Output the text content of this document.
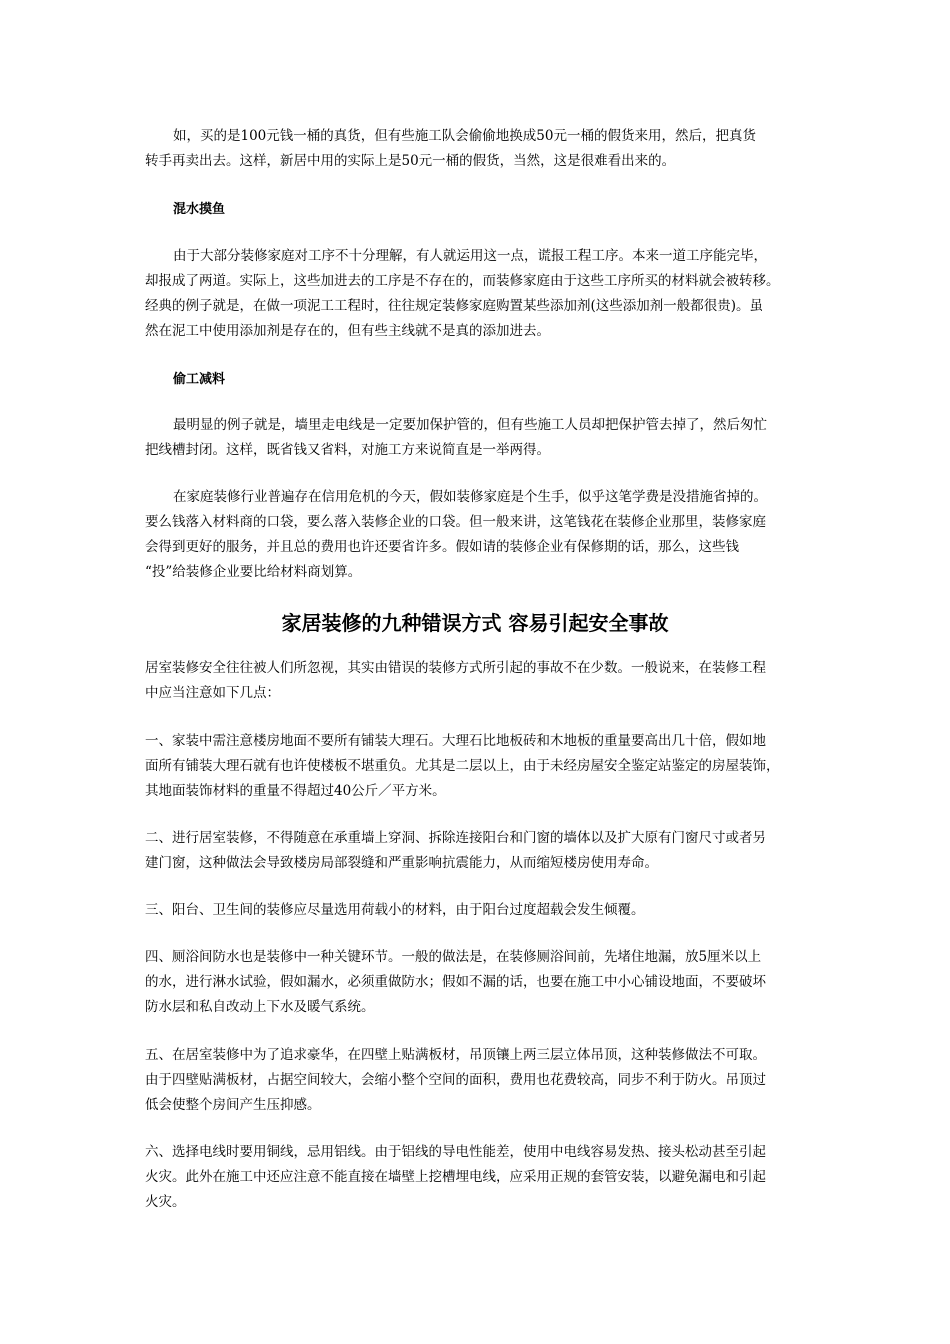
如，买的是100元钱一桶的真货，但有些施工队会偷偷地换成50元一桶的假货来用，然后，把真货

转手再卖出去。这样，新居中用的实际上是50元一桶的假货，当然，这是很难看出来的。

混水摸鱼

由于大部分装修家庭对工序不十分理解，有人就运用这一点，谎报工程工序。本来一道工序能完毕，

却报成了两道。实际上，这些加进去的工序是不存在的，而装修家庭由于这些工序所买的材料就会被转移。

经典的例子就是，在做一项泥工工程时，往往规定装修家庭购置某些添加剂(这些添加剂一般都很贵)。虽

然在泥工中使用添加剂是存在的，但有些主线就不是真的添加进去。

偷工减料

最明显的例子就是，墙里走电线是一定要加保护管的，但有些施工人员却把保护管去掉了，然后匆忙

把线槽封闭。这样，既省钱又省料，对施工方来说简直是一举两得。

在家庭装修行业普遍存在信用危机的今天，假如装修家庭是个生手，似乎这笔学费是没措施省掉的。

要么钱落入材料商的口袋，要么落入装修企业的口袋。但一般来讲，这笔钱花在装修企业那里，装修家庭

会得到更好的服务，并且总的费用也许还要省许多。假如请的装修企业有保修期的话，那么，这些钱

“投”给装修企业要比给材料商划算。

家居装修的九种错误方式 容易引起安全事故

居室装修安全往往被人们所忽视，其实由错误的装修方式所引起的事故不在少数。一般说来，在装修工程

中应当注意如下几点：

一、家装中需注意楼房地面不要所有铺装大理石。大理石比地板砖和木地板的重量要高出几十倍，假如地

面所有铺装大理石就有也许使楼板不堪重负。尤其是二层以上，由于未经房屋安全鉴定站鉴定的房屋装饰，

其地面装饰材料的重量不得超过40公斤／平方米。

二、进行居室装修，不得随意在承重墙上穿洞、拆除连接阳台和门窗的墙体以及扩大原有门窗尺寸或者另

建门窗，这种做法会导致楼房局部裂缝和严重影响抗震能力，从而缩短楼房使用寿命。

三、阳台、卫生间的装修应尽量选用荷载小的材料，由于阳台过度超载会发生倾覆。

四、厕浴间防水也是装修中一种关键环节。一般的做法是，在装修厕浴间前，先堵住地漏，放5厘米以上

的水，进行淋水试验，假如漏水，必须重做防水；假如不漏的话，也要在施工中小心铺设地面，不要破坏

防水层和私自改动上下水及暖气系统。

五、在居室装修中为了追求豪华，在四壁上贴满板材，吊顶镶上两三层立体吊顶，这种装修做法不可取。

由于四壁贴满板材，占据空间较大，会缩小整个空间的面积，费用也花费较高，同步不利于防火。吊顶过

低会使整个房间产生压抑感。

六、选择电线时要用铜线，忌用铝线。由于铝线的导电性能差，使用中电线容易发热、接头松动甚至引起

火灾。此外在施工中还应注意不能直接在墙壁上挖槽埋电线，应采用正规的套管安装，以避免漏电和引起

火灾。
